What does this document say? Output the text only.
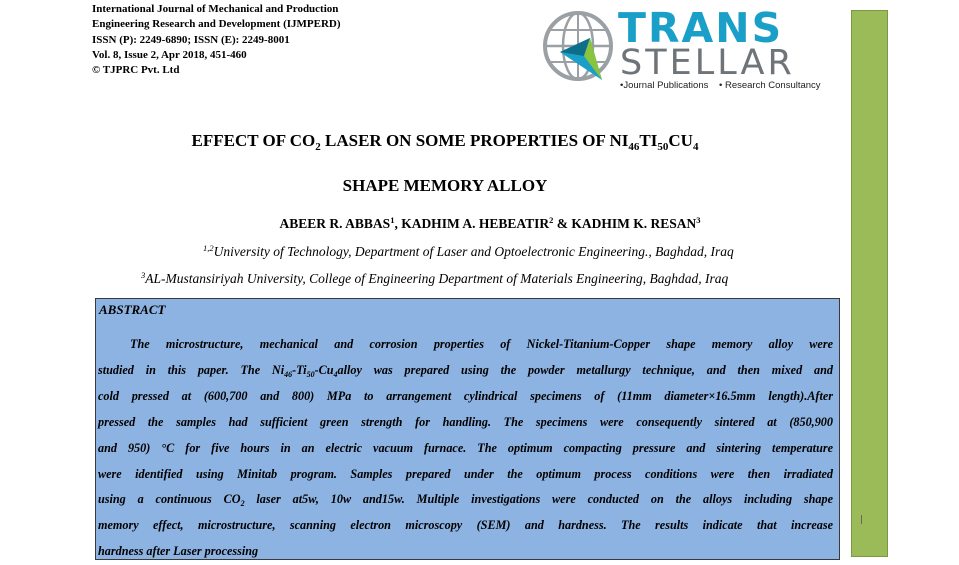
International Journal of Mechanical and Production
Engineering Research and Development (IJMPERD)
ISSN (P): 2249-6890; ISSN (E): 2249-8001
Vol. 8, Issue 2, Apr 2018, 451-460
© TJPRC Pvt. Ltd
TRANS
STELLAR
•Journal Publications • Research Consultancy
EFFECT OF $CO_2$ LASER ON SOME PROPERTIES OF $NI_{46}TI_{50}CU_4$
SHAPE MEMORY ALLOY
ABEER R. ABBAS$^1$, KADHIM A. HEBEATIR$^2$ & KADHIM K. RESAN$^3$
$^{1,2}$University of Technology, Department of Laser and Optoelectronic Engineering., Baghdad, Iraq
$^3$AL-Mustansiriyah University, College of Engineering Department of Materials Engineering, Baghdad, Iraq
ABSTRACT
The microstructure, mechanical and corrosion properties of Nickel-Titanium-Copper shape memory alloy were
studied in this paper. The $Ni_{46}-Ti_{50}-Cu_4alloy$ was prepared using the powder metallurgy technique, and then mixed and
cold pressed at (600,700 and 800) MPa to arrangement cylindrical specimens of (11mm diameter×16.5mm length).After
pressed the samples had sufficient green strength for handling. The specimens were consequently sintered at (850,900
and 950) °C for five hours in an electric vacuum furnace. The optimum compacting pressure and sintering temperature
were identified using Minitab program. Samples prepared under the optimum process conditions were then irradiated
using a continuous $CO_2$ laser at5w, 10w and15w. Multiple investigations were conducted on the alloys including shape
memory effect, microstructure, scanning electron microscopy (SEM) and hardness. The results indicate that increase
hardness after Laser processing
